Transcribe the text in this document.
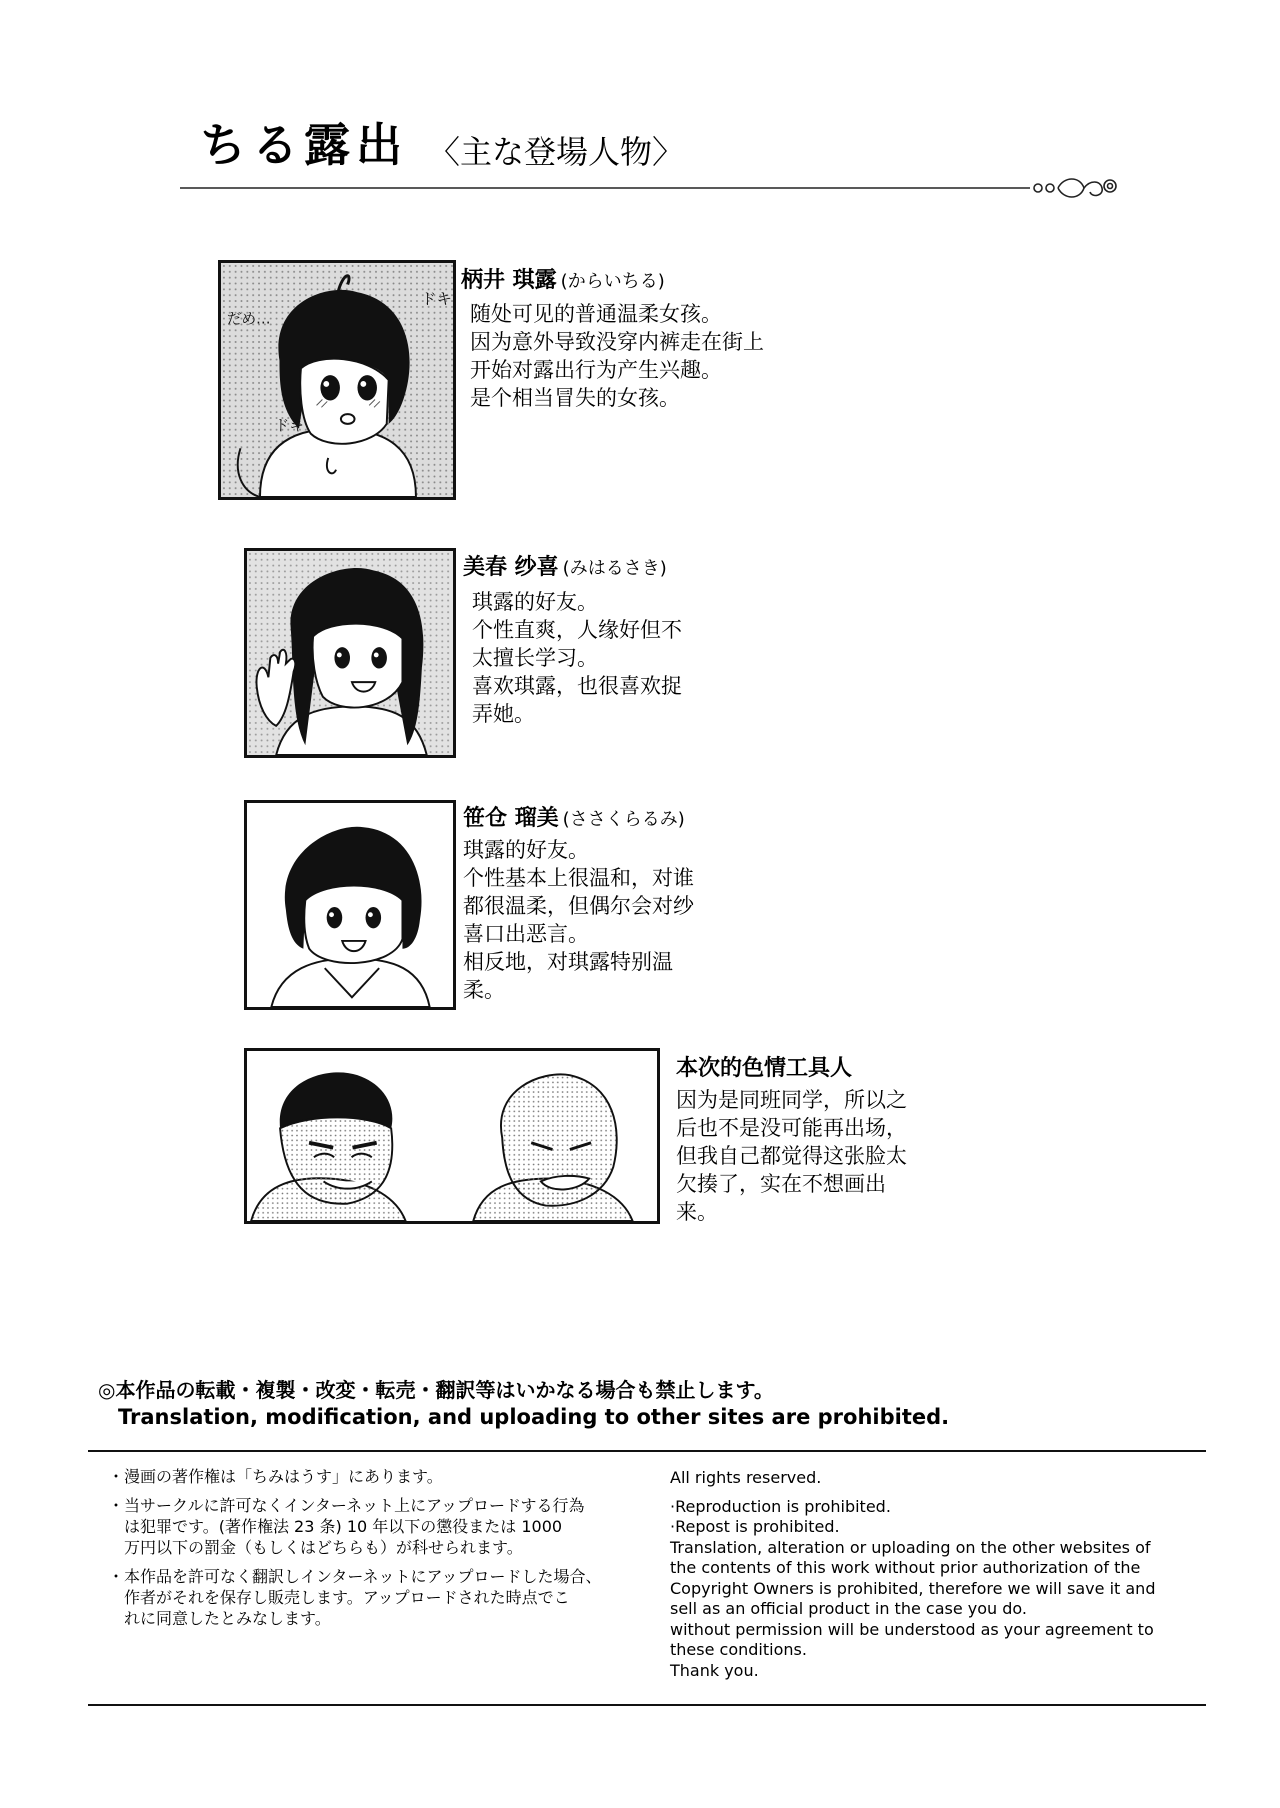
ちる露出 〈主な登場人物〉
ドキ
ドキ
だめ…
柄井 琪露 (からいちる)
随处可见的普通温柔女孩。
因为意外导致没穿内裤走在街上
开始对露出行为产生兴趣。
是个相当冒失的女孩。
美春 纱喜 (みはるさき)
琪露的好友。
个性直爽，人缘好但不
太擅长学习。
喜欢琪露，也很喜欢捉
弄她。
笹仓 瑠美 (ささくらるみ)
琪露的好友。
个性基本上很温和，对谁
都很温柔，但偶尔会对纱
喜口出恶言。
相反地，对琪露特别温
柔。
本次的色情工具人
因为是同班同学，所以之
后也不是没可能再出场，
但我自己都觉得这张脸太
欠揍了，实在不想画出
来。
◎本作品の転載・複製・改変・転売・翻訳等はいかなる場合も禁止します。
Translation, modification, and uploading to other sites are prohibited.
・漫画の著作権は「ちみはうす」にあります。
・当サークルに許可なくインターネット上にアップロードする行為
　は犯罪です。(著作権法 23 条) 10 年以下の懲役または 1000
　万円以下の罰金（もしくはどちらも）が科せられます。
・本作品を許可なく翻訳しインターネットにアップロードした場合、
　作者がそれを保存し販売します。アップロードされた時点でこ
　れに同意したとみなします。
All rights reserved.
·Reproduction is prohibited.
·Repost is prohibited.
Translation, alteration or uploading on the other websites of
the contents of this work without prior authorization of the
Copyright Owners is prohibited, therefore we will save it and
sell as an official product in the case you do.
without permission will be understood as your agreement to
these conditions.
Thank you.
